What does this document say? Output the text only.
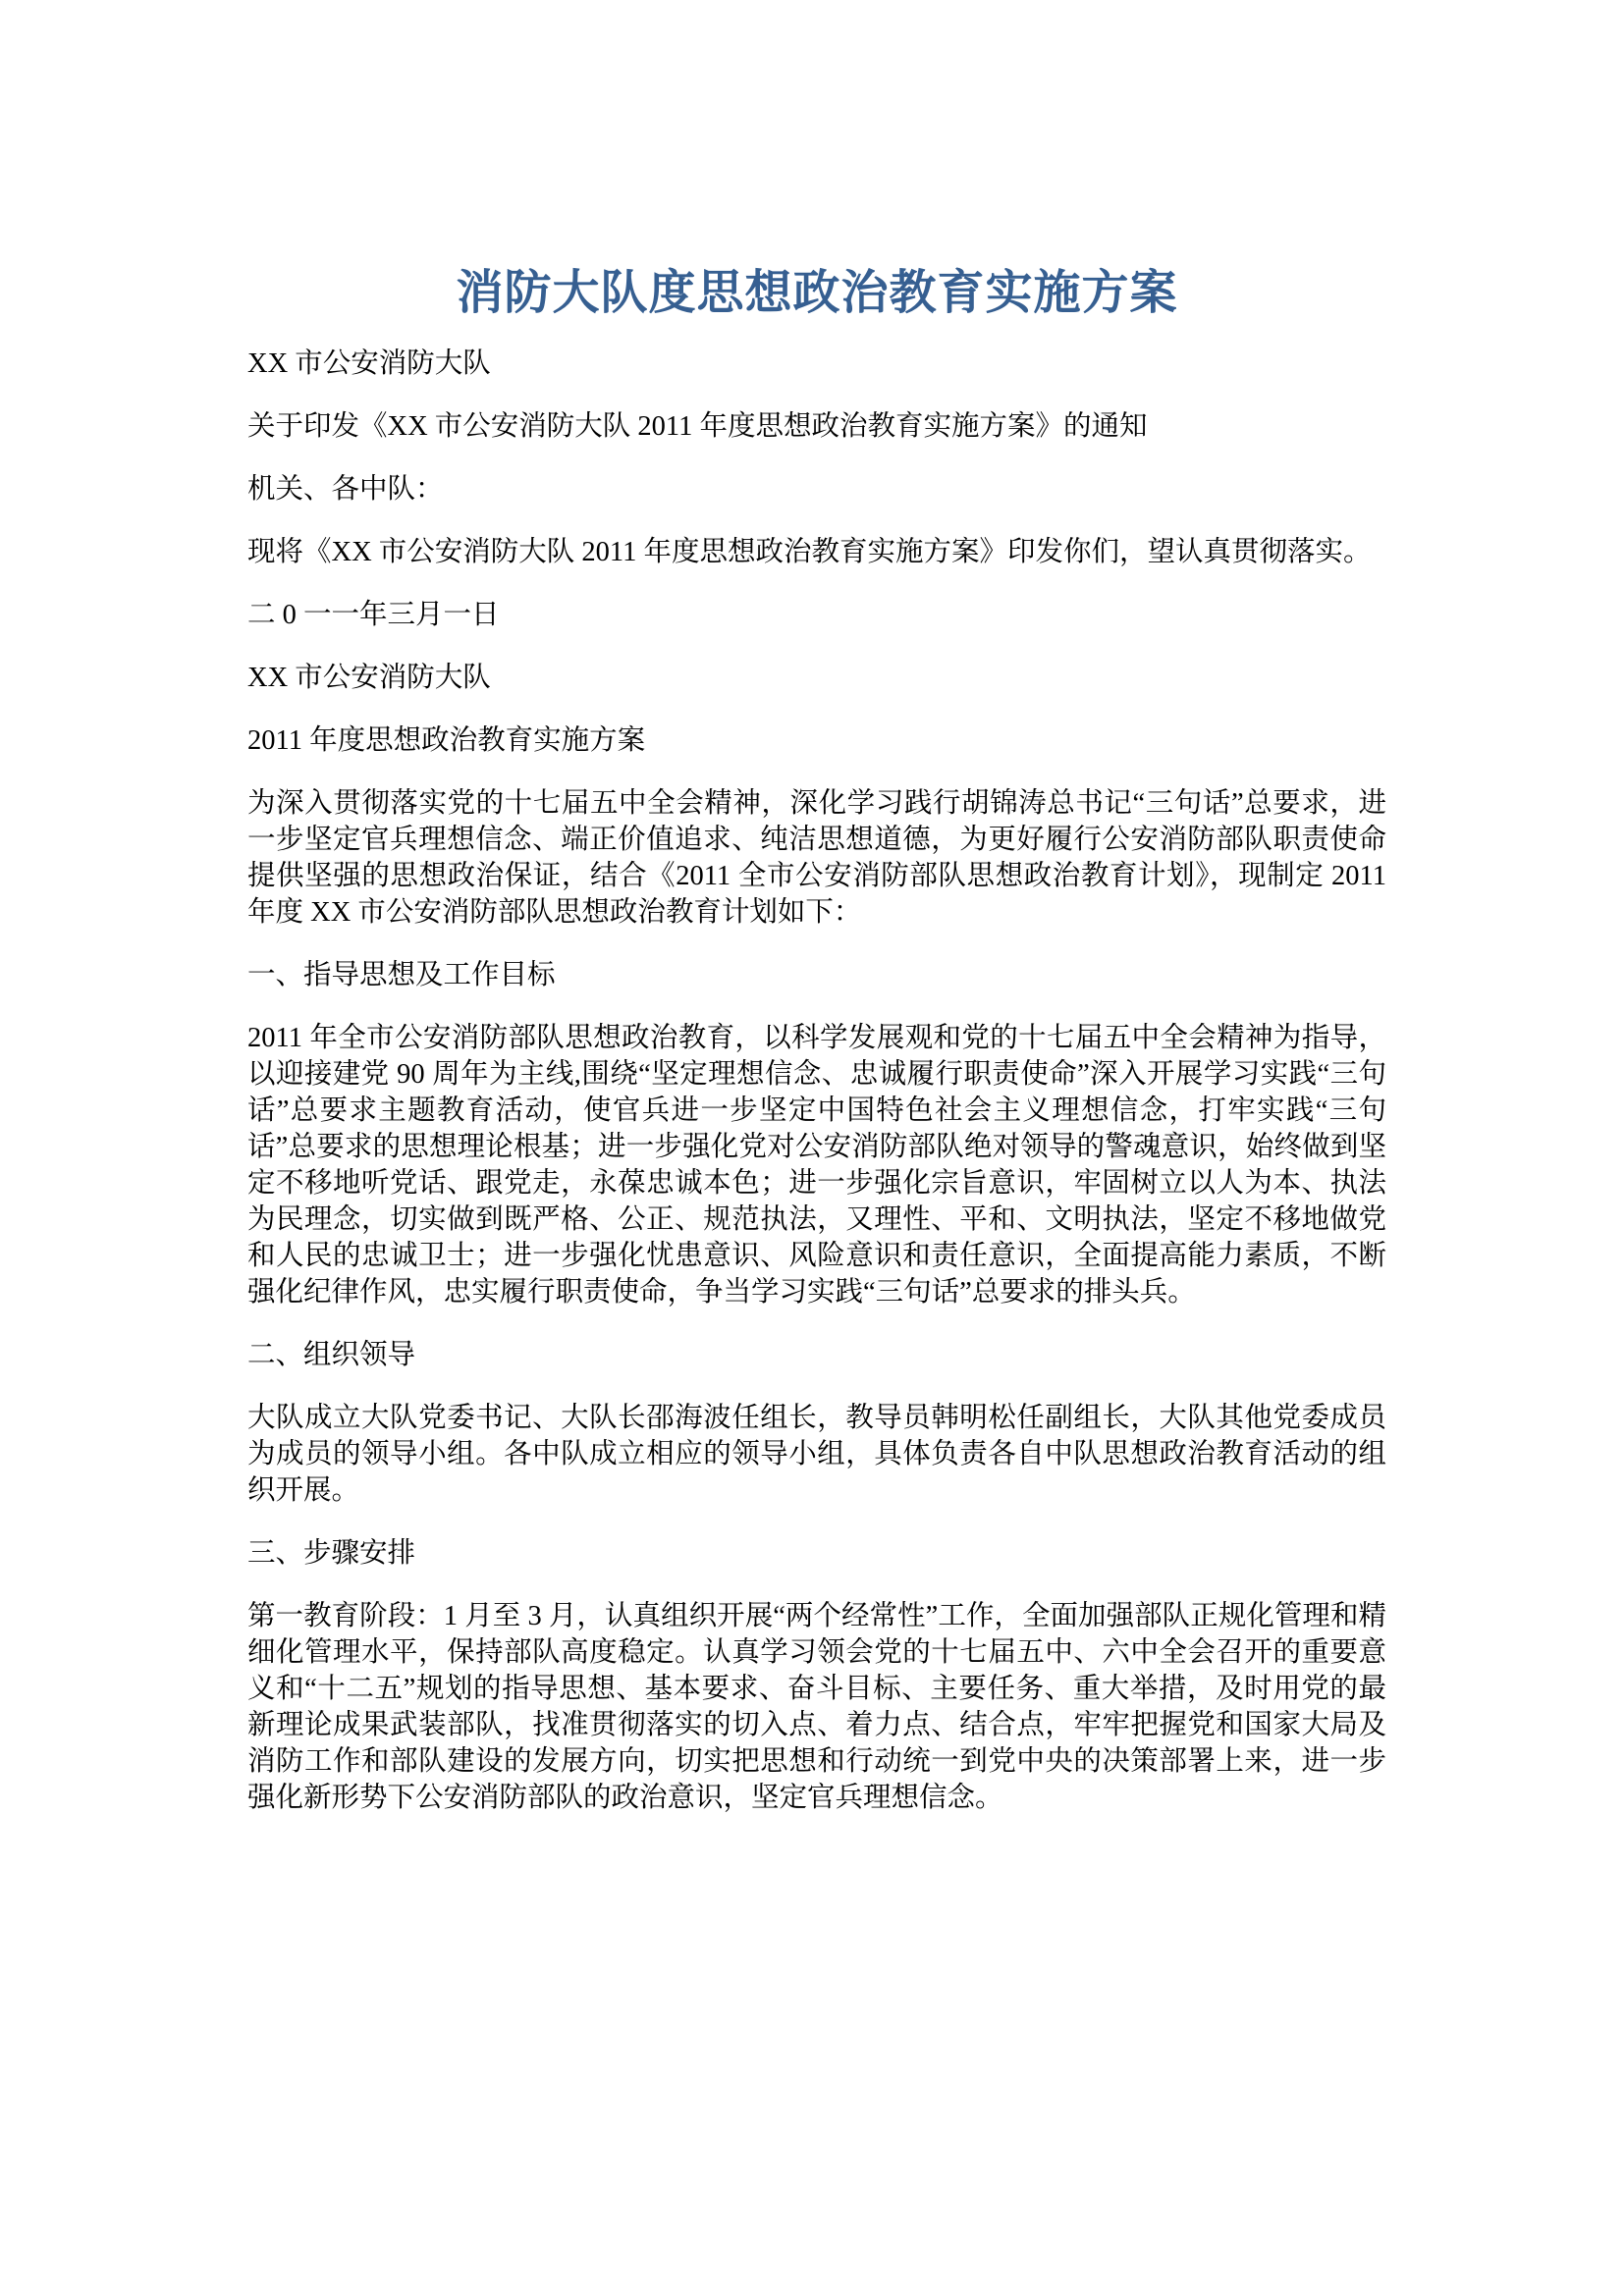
消防大队度思想政治教育实施方案

XX 市公安消防大队

关于印发《XX 市公安消防大队 2011 年度思想政治教育实施方案》的通知

机关、各中队：

现将《XX 市公安消防大队 2011 年度思想政治教育实施方案》印发你们，望认真贯彻落实。

二 0 一一年三月一日

XX 市公安消防大队

2011 年度思想政治教育实施方案

为深入贯彻落实党的十七届五中全会精神，深化学习践行胡锦涛总书记“三句话”总要求，进一步坚定官兵理想信念、端正价值追求、纯洁思想道德，为更好履行公安消防部队职责使命提供坚强的思想政治保证，结合《2011 全市公安消防部队思想政治教育计划》，现制定 2011 年度 XX 市公安消防部队思想政治教育计划如下：

一、指导思想及工作目标

2011 年全市公安消防部队思想政治教育，以科学发展观和党的十七届五中全会精神为指导，以迎接建党 90 周年为主线,围绕“坚定理想信念、忠诚履行职责使命”深入开展学习实践“三句话”总要求主题教育活动，使官兵进一步坚定中国特色社会主义理想信念，打牢实践“三句话”总要求的思想理论根基；进一步强化党对公安消防部队绝对领导的警魂意识，始终做到坚定不移地听党话、跟党走，永葆忠诚本色；进一步强化宗旨意识，牢固树立以人为本、执法为民理念，切实做到既严格、公正、规范执法，又理性、平和、文明执法，坚定不移地做党和人民的忠诚卫士；进一步强化忧患意识、风险意识和责任意识，全面提高能力素质，不断强化纪律作风，忠实履行职责使命，争当学习实践“三句话”总要求的排头兵。

二、组织领导

大队成立大队党委书记、大队长邵海波任组长，教导员韩明松任副组长，大队其他党委成员为成员的领导小组。各中队成立相应的领导小组，具体负责各自中队思想政治教育活动的组织开展。

三、步骤安排

第一教育阶段：1 月至 3 月，认真组织开展“两个经常性”工作，全面加强部队正规化管理和精细化管理水平，保持部队高度稳定。认真学习领会党的十七届五中、六中全会召开的重要意义和“十二五”规划的指导思想、基本要求、奋斗目标、主要任务、重大举措，及时用党的最新理论成果武装部队，找准贯彻落实的切入点、着力点、结合点，牢牢把握党和国家大局及消防工作和部队建设的发展方向，切实把思想和行动统一到党中央的决策部署上来，进一步强化新形势下公安消防部队的政治意识，坚定官兵理想信念。
